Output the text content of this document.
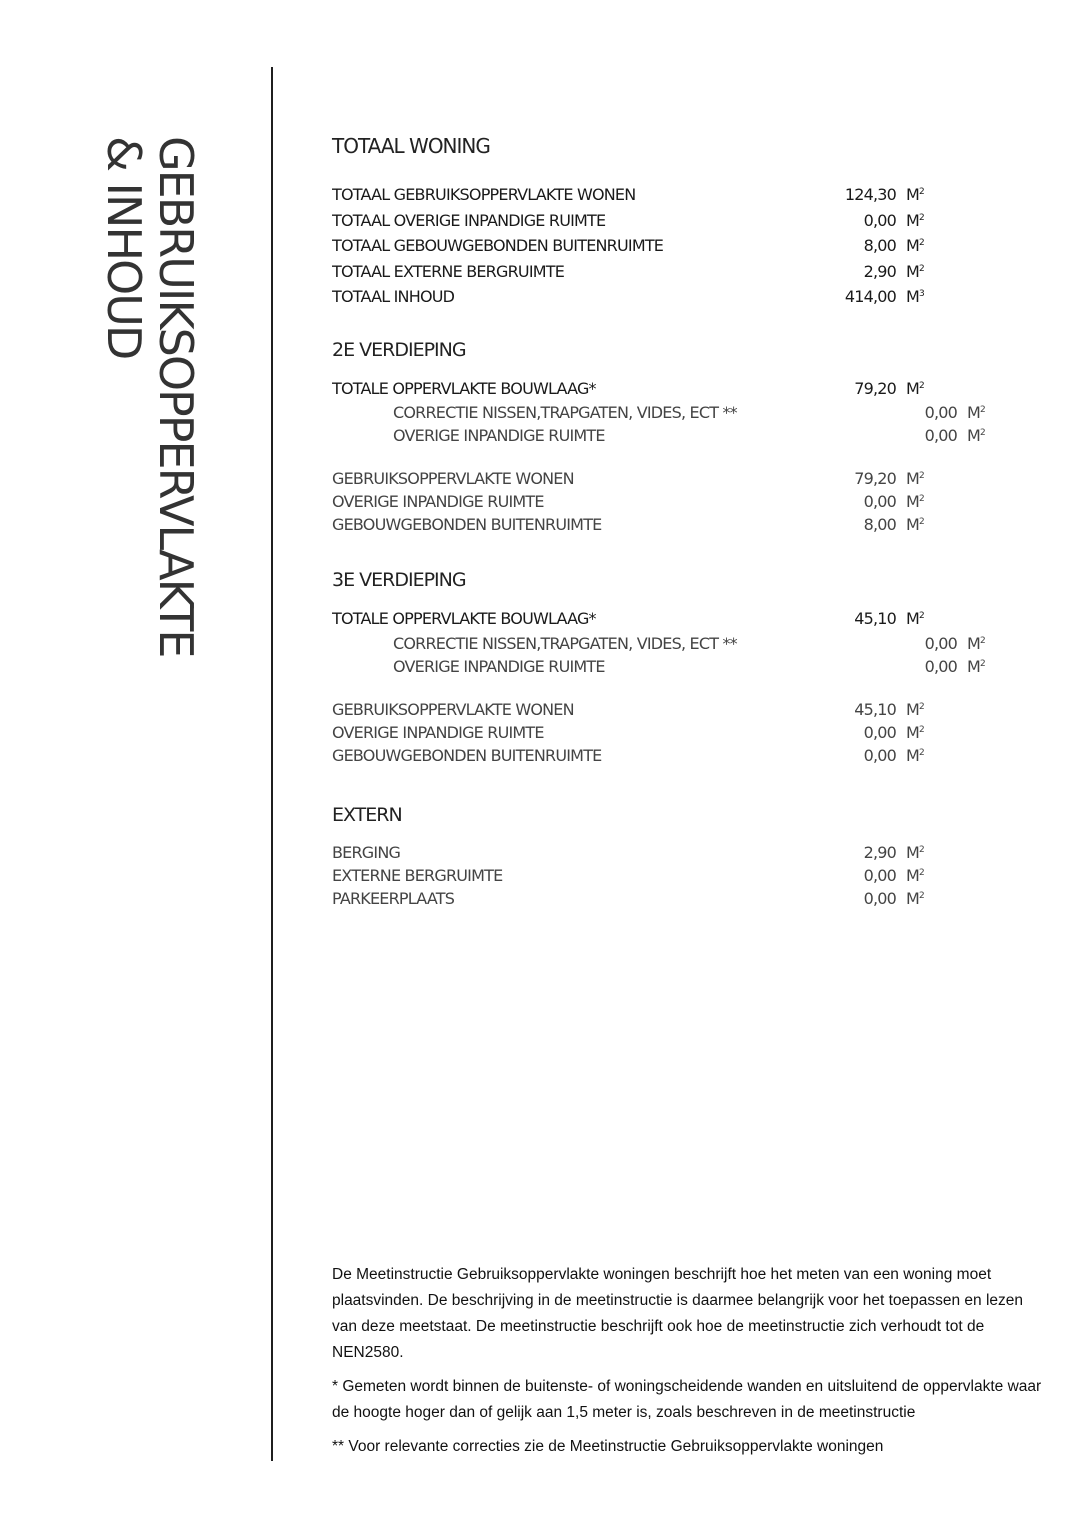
GEBRUIKSOPPERVLAKTE
& INHOUD	TOTAAL WONING
TOTAAL GEBRUIKSOPPERVLAKTE WONEN	124,30 $M^2$
TOTAAL OVERIGE INPANDIGE RUIMTE	0,00 $M^2$
TOTAAL GEBOUWGEBONDEN BUITENRUIMTE	8,00 $M^2$
TOTAAL EXTERNE BERGRUIMTE	2,90 $M^2$
TOTAAL INHOUD	414,00 $M^3$
2E VERDIEPING
TOTALE OPPERVLAKTE BOUWLAAG*	79,20 $M^2$
CORRECTIE NISSEN,TRAPGATEN, VIDES, ECT **	0,00 $M^2$
OVERIGE INPANDIGE RUIMTE	0,00 $M^2$
GEBRUIKSOPPERVLAKTE WONEN	79,20 $M^2$
OVERIGE INPANDIGE RUIMTE	0,00 $M^2$
GEBOUWGEBONDEN BUITENRUIMTE	8,00 $M^2$
3E VERDIEPING
TOTALE OPPERVLAKTE BOUWLAAG*	45,10 $M^2$
CORRECTIE NISSEN,TRAPGATEN, VIDES, ECT **	0,00 $M^2$
OVERIGE INPANDIGE RUIMTE	0,00 $M^2$
GEBRUIKSOPPERVLAKTE WONEN	45,10 $M^2$
OVERIGE INPANDIGE RUIMTE	0,00 $M^2$
GEBOUWGEBONDEN BUITENRUIMTE	0,00 $M^2$
EXTERN
BERGING	2,90 $M^2$
EXTERNE BERGRUIMTE	0,00 $M^2$
PARKEERPLAATS	0,00 $M^2$

De Meetinstructie Gebruiksoppervlakte woningen beschrijft hoe het meten van een woning moet plaatsvinden. De beschrijving in de meetinstructie is daarmee belangrijk voor het toepassen en lezen van deze meetstaat. De meetinstructie beschrijft ook hoe de meetinstructie zich verhoudt tot de NEN2580.

* Gemeten wordt binnen de buitenste- of woningscheidende wanden en uitsluitend de oppervlakte waar de hoogte hoger dan of gelijk aan 1,5 meter is, zoals beschreven in de meetinstructie

** Voor relevante correcties zie de Meetinstructie Gebruiksoppervlakte woningen
